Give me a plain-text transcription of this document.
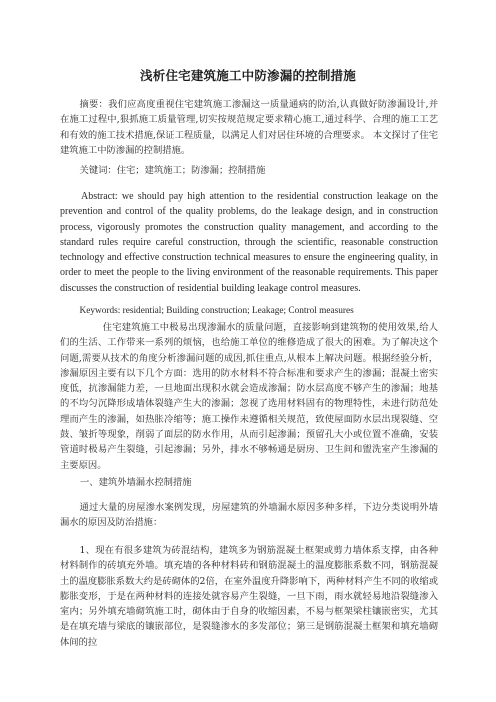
浅析住宅建筑施工中防渗漏的控制措施
摘要：我们应高度重视住宅建筑施工渗漏这一质量通病的防治,认真做好防渗漏设计,并在施工过程中,狠抓施工质量管理,切实按规范规定要求精心施工,通过科学、合理的施工工艺和有效的施工技术措施,保证工程质量，以满足人们对居住环境的合理要求。 本文探讨了住宅建筑施工中防渗漏的控制措施。
关键词：住宅；建筑施工；防渗漏；控制措施
Abstract: we should pay high attention to the residential construction leakage on the prevention and control of the quality problems, do the leakage design, and in construction process, vigorously promotes the construction quality management, and according to the standard rules require careful construction, through the scientific, reasonable construction technology and effective construction technical measures to ensure the engineering quality, in order to meet the people to the living environment of the reasonable requirements. This paper discusses the construction of residential building leakage control measures.
Keywords: residential; Building construction; Leakage; Control measures
住宅建筑施工中极易出现渗漏水的质量问题，直接影响到建筑物的使用效果,给人们的生活、工作带来一系列的烦恼，也给施工单位的维修造成了很大的困难。为了解决这个问题,需要从技术的角度分析渗漏问题的成因,抓住重点,从根本上解决问题。根据经验分析，渗漏原因主要有以下几个方面：选用的防水材料不符合标准和要求产生的渗漏；混凝土密实度低，抗渗漏能力差，一旦地面出现积水就会造成渗漏；防水层高度不够产生的渗漏；地基的不均匀沉降形成墙体裂缝产生大的渗漏；忽视了选用材料固有的物理特性，未进行防范处理而产生的渗漏，如热胀冷缩等；施工操作未遵循相关规范，致使屋面防水层出现裂缝、空鼓、皱折等现象，削弱了面层的防水作用，从而引起渗漏；预留孔大小或位置不准确，安装管道时极易产生裂缝，引起渗漏；另外，排水不够畅通是厨房、卫生间和盥洗室产生渗漏的主要原因。
一、建筑外墙漏水控制措施
通过大量的房屋渗水案例发现，房屋建筑的外墙漏水原因多种多样，下边分类说明外墙漏水的原因及防治措施：
1、现在有很多建筑为砖混结构，建筑多为钢筋混凝土框架或剪力墙体系支撑，由各种材料制作的砖填充外墙。填充墙的各种材料砖和钢筋混凝土的温度膨胀系数不同，钢筋混凝土的温度膨胀系数大约是砖砌体的2倍，在室外温度升降影响下，两种材料产生不同的收缩或膨胀变形，于是在两种材料的连接处就容易产生裂缝，一旦下雨，雨水就轻易地沿裂缝渗入室内；另外填充墙砌筑施工时，砌体由于自身的收缩因素，不易与框架梁柱镶嵌密实，尤其是在填充墙与梁底的镶嵌部位，是裂缝渗水的多发部位；第三是钢筋混凝土框架和填充墙砌体间的拉
